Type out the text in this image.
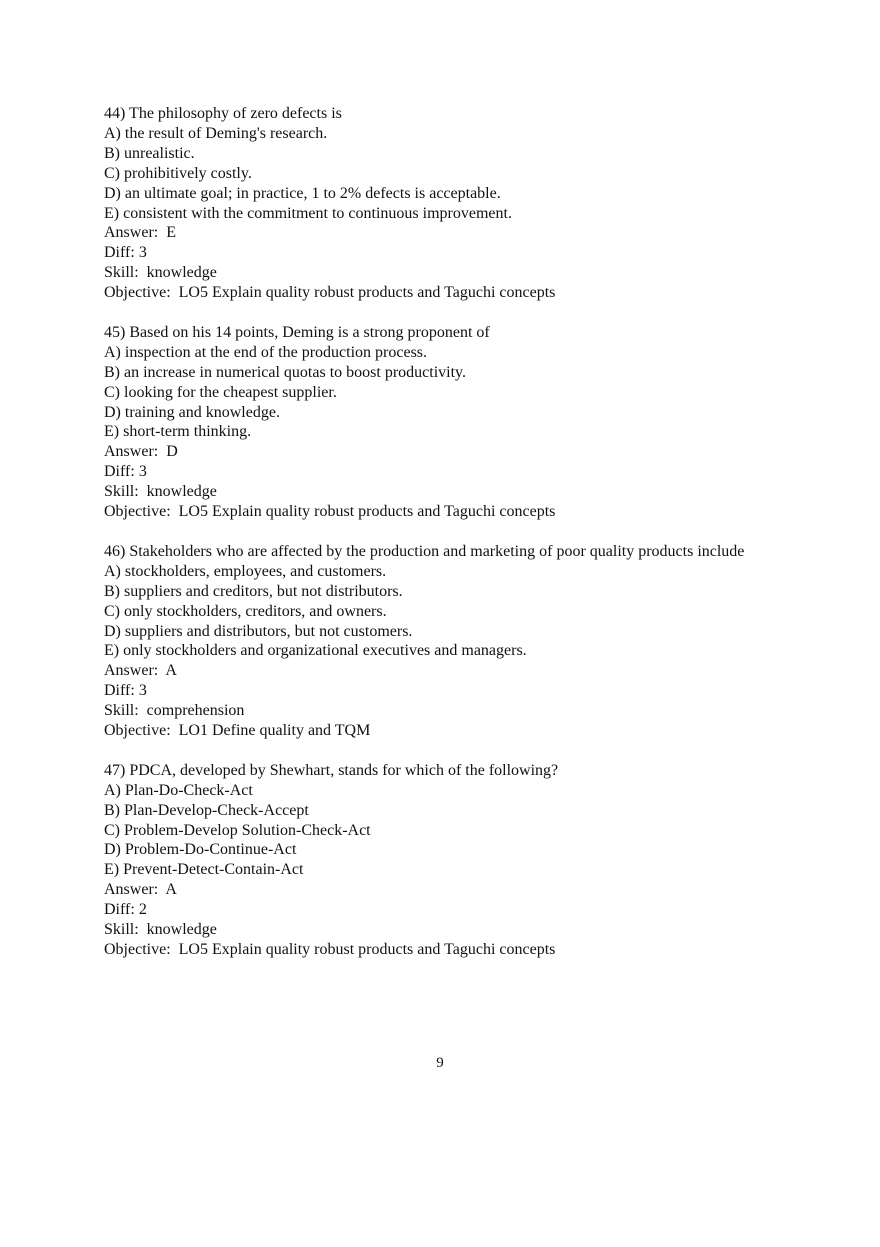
44) The philosophy of zero defects is
A) the result of Deming's research.
B) unrealistic.
C) prohibitively costly.
D) an ultimate goal; in practice, 1 to 2% defects is acceptable.
E) consistent with the commitment to continuous improvement.
Answer:  E
Diff: 3
Skill:  knowledge
Objective:  LO5 Explain quality robust products and Taguchi concepts
45) Based on his 14 points, Deming is a strong proponent of
A) inspection at the end of the production process.
B) an increase in numerical quotas to boost productivity.
C) looking for the cheapest supplier.
D) training and knowledge.
E) short-term thinking.
Answer:  D
Diff: 3
Skill:  knowledge
Objective:  LO5 Explain quality robust products and Taguchi concepts
46) Stakeholders who are affected by the production and marketing of poor quality products include
A) stockholders, employees, and customers.
B) suppliers and creditors, but not distributors.
C) only stockholders, creditors, and owners.
D) suppliers and distributors, but not customers.
E) only stockholders and organizational executives and managers.
Answer:  A
Diff: 3
Skill:  comprehension
Objective:  LO1 Define quality and TQM
47) PDCA, developed by Shewhart, stands for which of the following?
A) Plan-Do-Check-Act
B) Plan-Develop-Check-Accept
C) Problem-Develop Solution-Check-Act
D) Problem-Do-Continue-Act
E) Prevent-Detect-Contain-Act
Answer:  A
Diff: 2
Skill:  knowledge
Objective:  LO5 Explain quality robust products and Taguchi concepts
9
